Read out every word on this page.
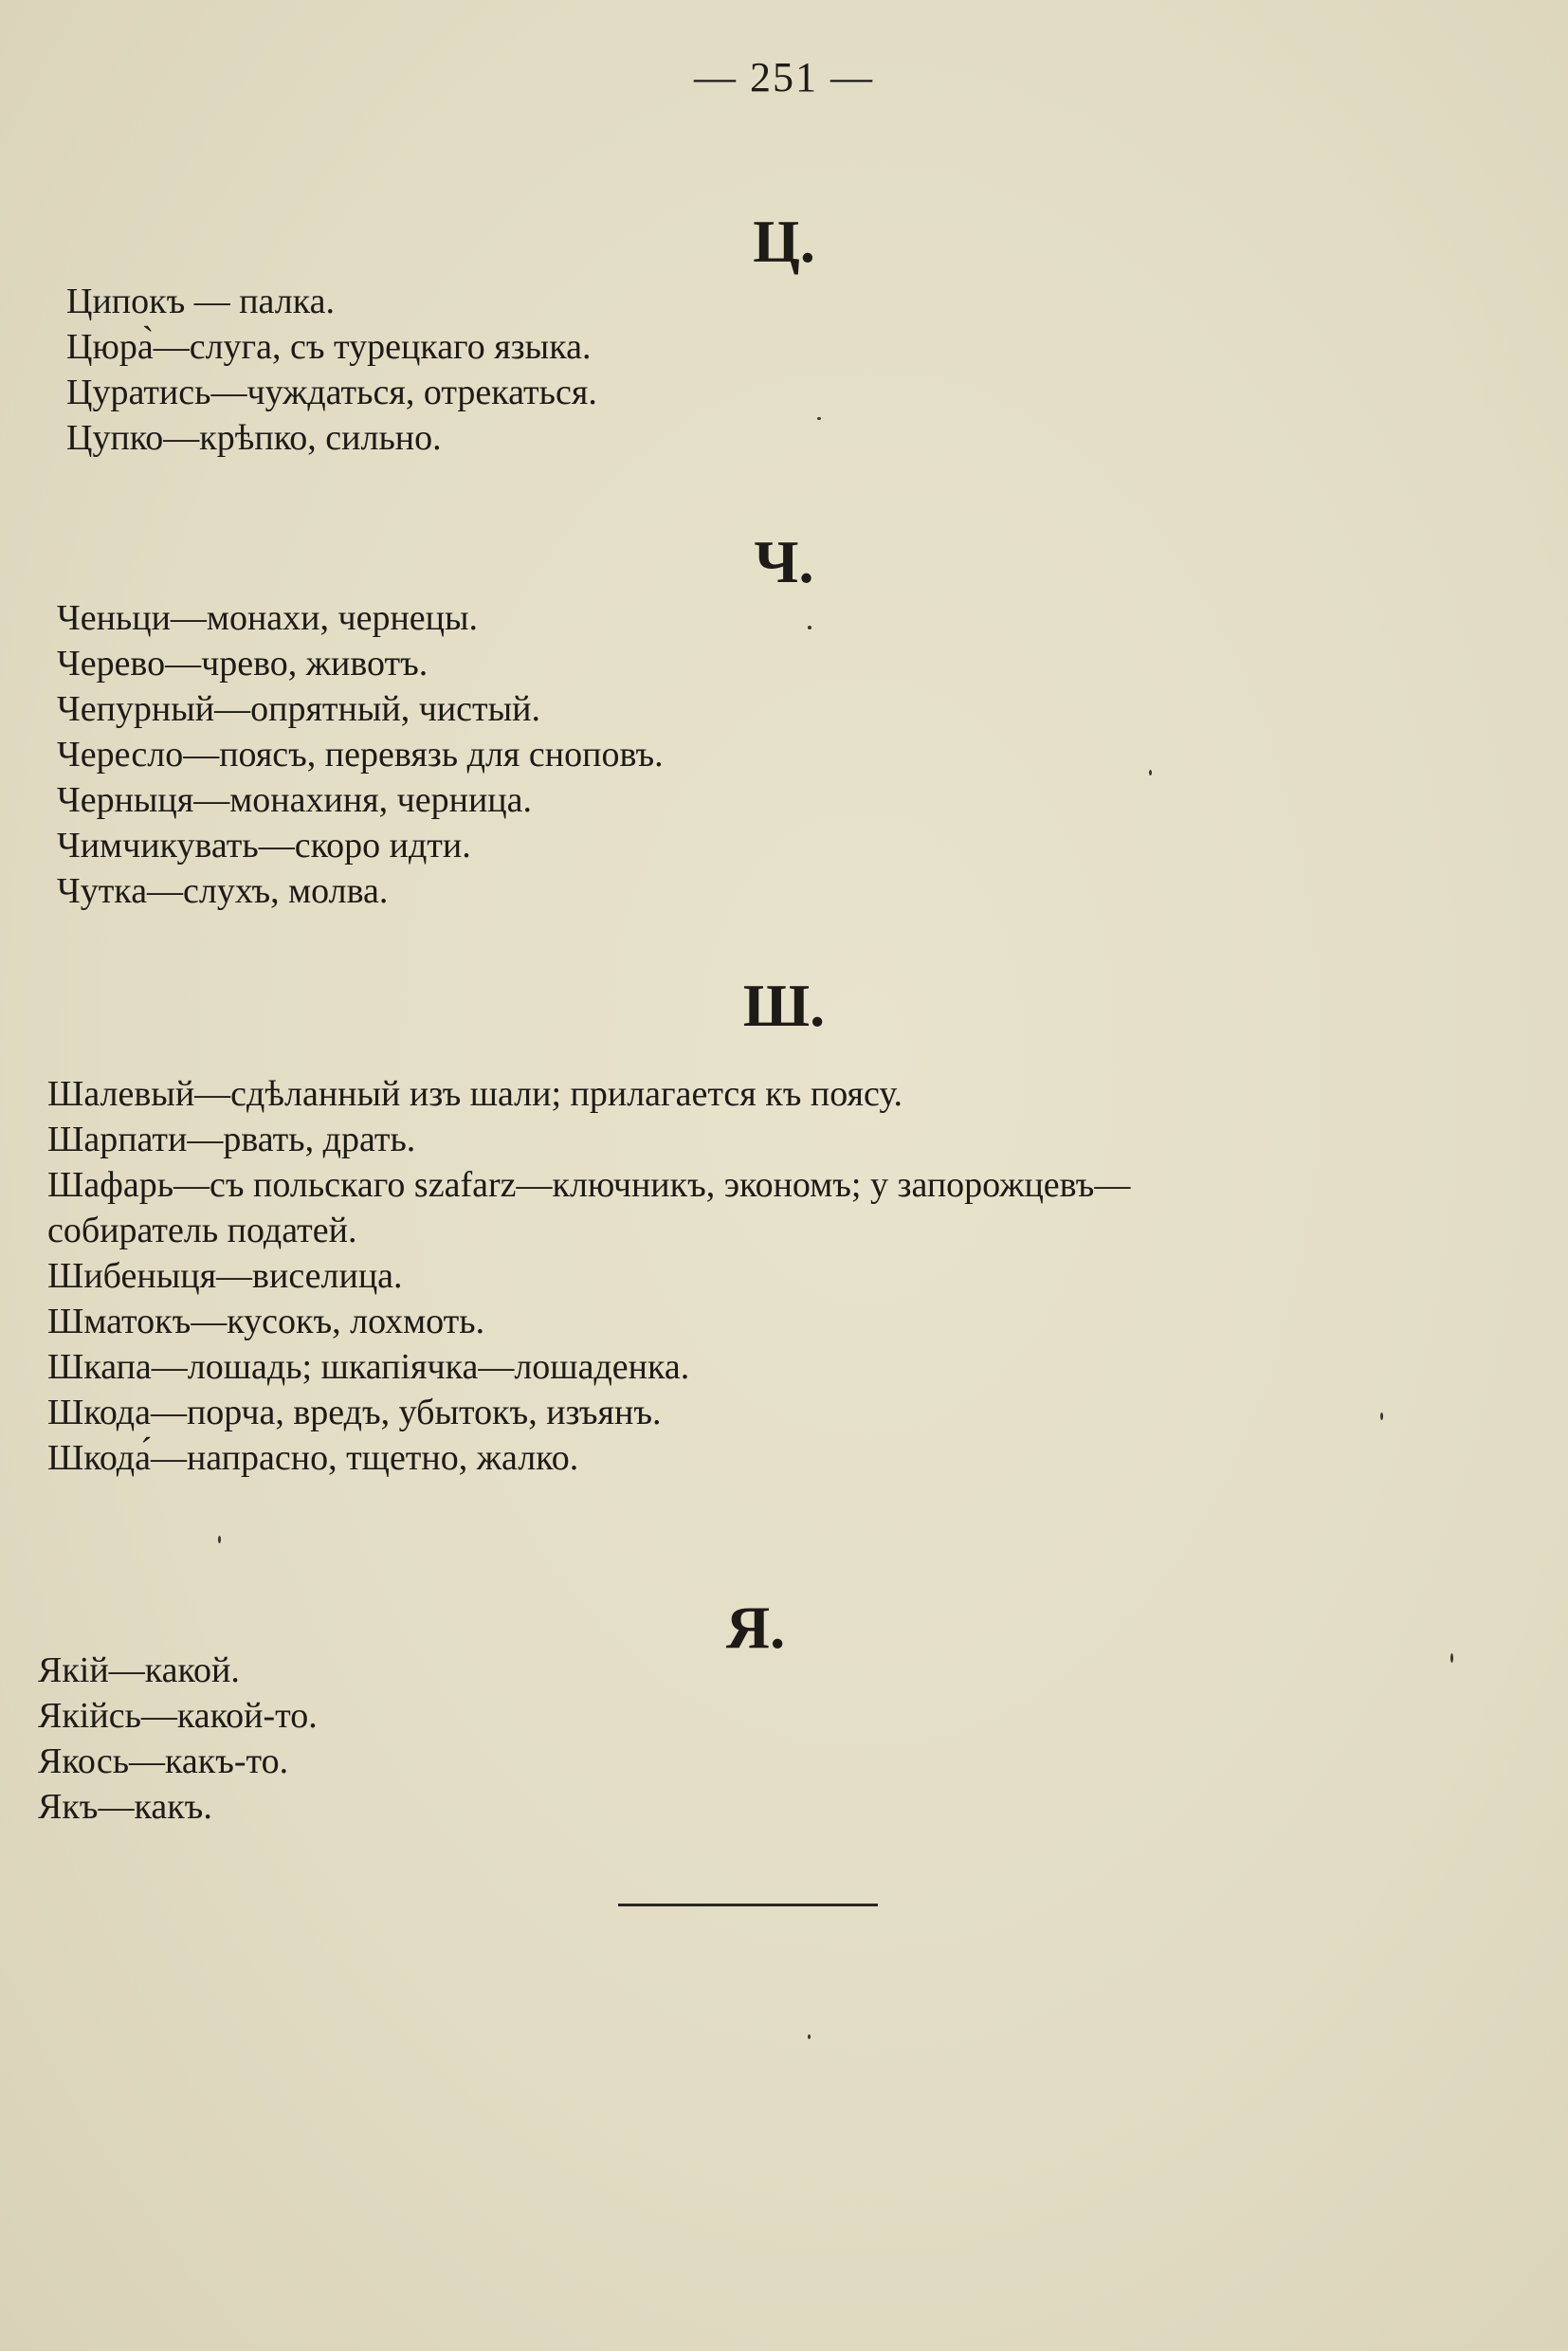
— 251 —
Ц.
Ципокъ — палка.
Цюра̀—слуга, съ турецкаго языка.
Цуратись—чуждаться, отрекаться.
Цупко—крѣпко, сильно.
Ч.
Ченьци—монахи, чернецы.
Черево—чрево, животъ.
Чепурный—опрятный, чистый.
Чересло—поясъ, перевязь для сноповъ.
Черныця—монахиня, черница.
Чимчикувать—скоро идти.
Чутка—слухъ, молва.
Ш.
Шалевый—сдѣланный изъ шали; прилагается къ поясу.
Шарпати—рвать, драть.
Шафарь—съ польскаго szafarz—ключникъ, экономъ; у запорожцевъ—
собиратель податей.
Шибеныця—виселица.
Шматокъ—кусокъ, лохмоть.
Шкапа—лошадь; шкапiячка—лошаденка.
Шкода—порча, вредъ, убытокъ, изъянъ.
Шкода́—напрасно, тщетно, жалко.
Я.
Якiй—какой.
Якiйсь—какой-то.
Якось—какъ-то.
Якъ—какъ.
